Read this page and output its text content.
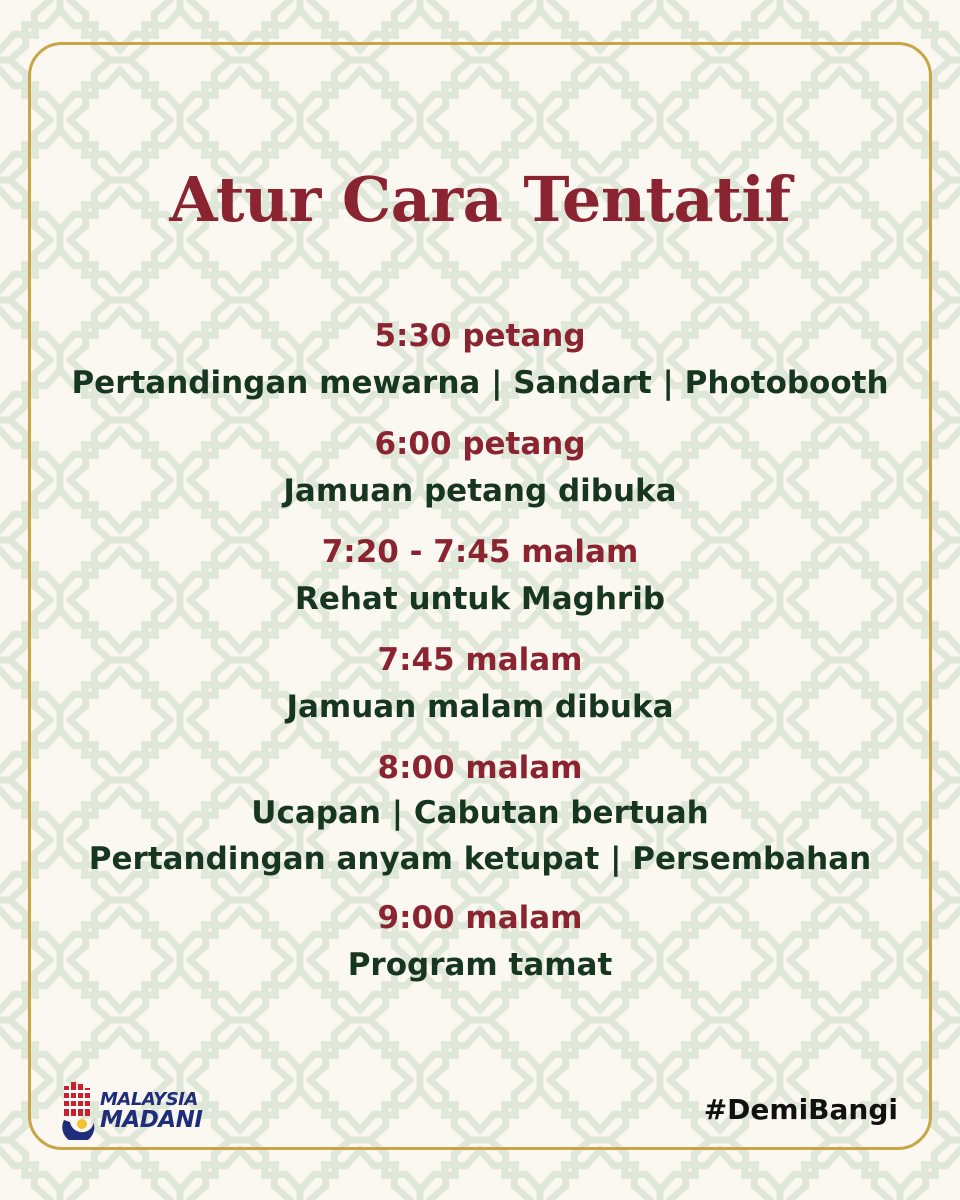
Atur Cara Tentatif
5:30 petang
Pertandingan mewarna | Sandart | Photobooth
6:00 petang
Jamuan petang dibuka
7:20 - 7:45 malam
Rehat untuk Maghrib
7:45 malam
Jamuan malam dibuka
8:00 malam
Ucapan | Cabutan bertuah
Pertandingan anyam ketupat | Persembahan
9:00 malam
Program tamat
MALAYSIA
MADANI	#DemiBangi
